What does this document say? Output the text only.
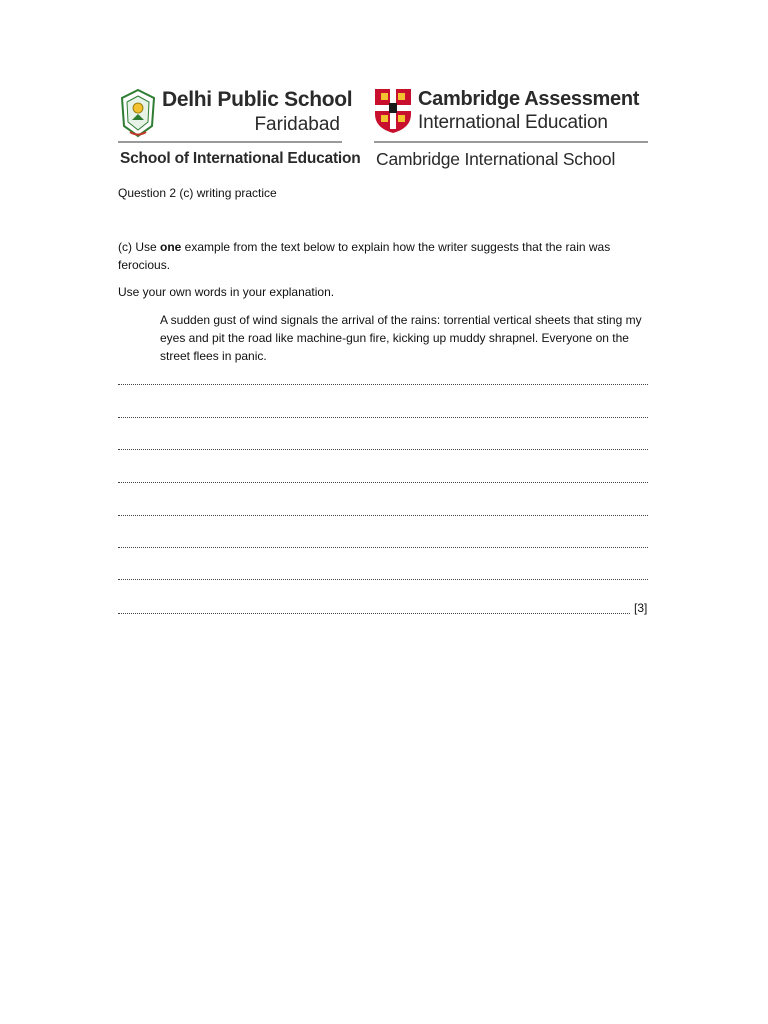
Delhi Public School
Faridabad
School of International Education
Cambridge Assessment
International Education
Cambridge International School
Question 2 (c) writing practice
(c) Use one example from the text below to explain how the writer suggests that the rain was ferocious.
Use your own words in your explanation.
A sudden gust of wind signals the arrival of the rains: torrential vertical sheets that sting my eyes and pit the road like machine-gun fire, kicking up muddy shrapnel. Everyone on the street flees in panic.
[3]
